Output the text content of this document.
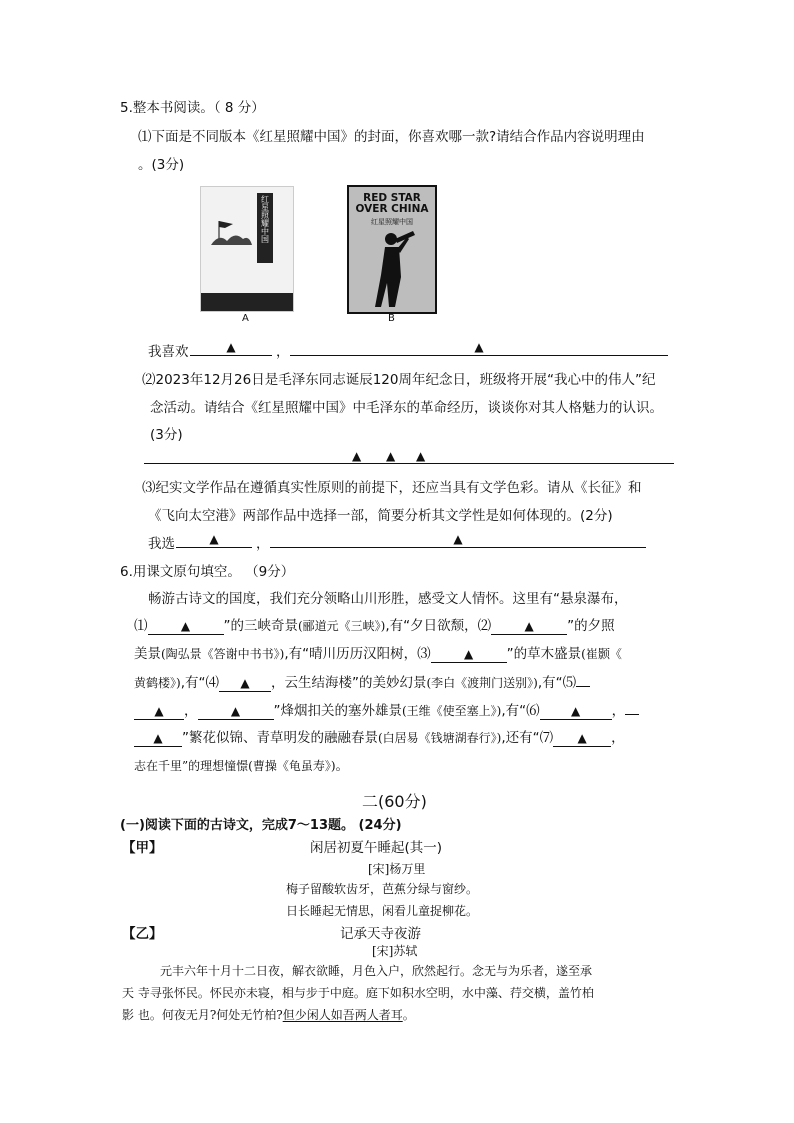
5.整本书阅读。（ 8 分）
⑴下面是不同版本《红星照耀中国》的封面，你喜欢哪一款?请结合作品内容说明理由
。(3分)
红星照耀中国
A
RED STAR
OVER CHINA
红星照耀中国
B
我喜欢	▲	，	▲
⑵2023年12月26日是毛泽东同志诞辰120周年纪念日，班级将开展“我心中的伟人”纪
念活动。请结合《红星照耀中国》中毛泽东的革命经历，谈谈你对其人格魅力的认识。
(3分)
▲ ▲ ▲
⑶纪实文学作品在遵循真实性原则的前提下，还应当具有文学色彩。请从《长征》和
《飞向太空港》两部作品中选择一部，简要分析其文学性是如何体现的。(2分)
我选	▲	，	▲
6.用课文原句填空。 （9分）
畅游古诗文的国度，我们充分领略山川形胜，感受文人情怀。这里有“悬泉瀑布，
⑴	▲ ”的三峡奇景(郦道元《三峡》),有“夕日欲颓，⑵	▲ ”的夕照
美景(陶弘景《答谢中书书》),有“晴川历历汉阳树，⑶	▲ ”的草木盛景(崔颢《
黄鹤楼》),有“⑷ ▲ ，云生结海楼”的美妙幻景(李白《渡荆门送别》),有“⑸
▲ ，	▲ ”烽烟扣关的塞外雄景(王维《使至塞上》),有“⑹	▲ ，
▲ ”繁花似锦、青草明发的融融春景(白居易《钱塘湖春行》),还有“⑺ ▲ ，
志在千里”的理想憧憬(曹操《龟虽寿》)。
二(60分)
(一)阅读下面的古诗文，完成7～13题。 (24分)
【甲】	闲居初夏午睡起(其一)
[宋]杨万里
梅子留酸软齿牙，芭蕉分绿与窗纱。
日长睡起无情思，闲看儿童捉柳花。
【乙】	记承天寺夜游
[宋]苏轼
元丰六年十月十二日夜，解衣欲睡，月色入户，欣然起行。念无与为乐者，遂至承
天 寺寻张怀民。怀民亦未寝，相与步于中庭。庭下如积水空明，水中藻、荇交横，盖竹柏
影 也。何夜无月?何处无竹柏?但少闲人如吾两人者耳。
